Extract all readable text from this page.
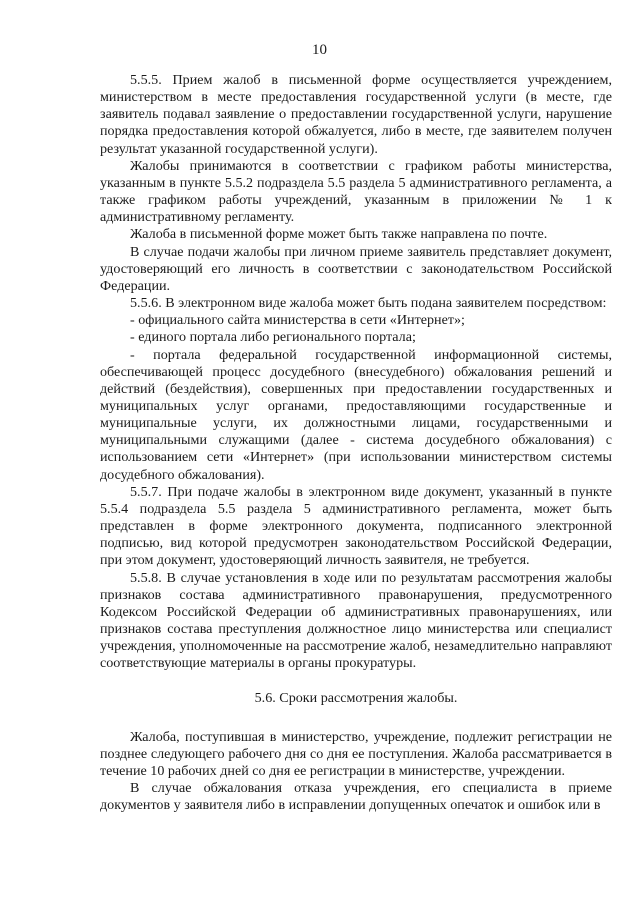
10

5.5.5. Прием жалоб в письменной форме осуществляется учреждением, министерством в месте предоставления государственной услуги (в месте, где заявитель подавал заявление о предоставлении государственной услуги, нарушение порядка предоставления которой обжалуется, либо в месте, где заявителем получен результат указанной государственной услуги).

Жалобы принимаются в соответствии с графиком работы министерства, указанным в пункте 5.5.2 подраздела 5.5 раздела 5 административного регламента, а также графиком работы учреждений, указанным в приложении № 1 к административному регламенту.

Жалоба в письменной форме может быть также направлена по почте.

В случае подачи жалобы при личном приеме заявитель представляет документ, удостоверяющий его личность в соответствии с законодательством Российской Федерации.

5.5.6. В электронном виде жалоба может быть подана заявителем посредством:

- официального сайта министерства в сети «Интернет»;

- единого портала либо регионального портала;

- портала федеральной государственной информационной системы, обеспечивающей процесс досудебного (внесудебного) обжалования решений и действий (бездействия), совершенных при предоставлении государственных и муниципальных услуг органами, предоставляющими государственные и муниципальные услуги, их должностными лицами, государственными и муниципальными служащими (далее - система досудебного обжалования) с использованием сети «Интернет» (при использовании министерством системы досудебного обжалования).

5.5.7. При подаче жалобы в электронном виде документ, указанный в пункте 5.5.4 подраздела 5.5 раздела 5 административного регламента, может быть представлен в форме электронного документа, подписанного электронной подписью, вид которой предусмотрен законодательством Российской Федерации, при этом документ, удостоверяющий личность заявителя, не требуется.

5.5.8. В случае установления в ходе или по результатам рассмотрения жалобы признаков состава административного правонарушения, предусмотренного Кодексом Российской Федерации об административных правонарушениях, или признаков состава преступления должностное лицо министерства или специалист учреждения, уполномоченные на рассмотрение жалоб, незамедлительно направляют соответствующие материалы в органы прокуратуры.

5.6. Сроки рассмотрения жалобы.

Жалоба, поступившая в министерство, учреждение, подлежит регистрации не позднее следующего рабочего дня со дня ее поступления. Жалоба рассматривается в течение 10 рабочих дней со дня ее регистрации в министерстве, учреждении.

В случае обжалования отказа учреждения, его специалиста в приеме документов у заявителя либо в исправлении допущенных опечаток и ошибок или в
